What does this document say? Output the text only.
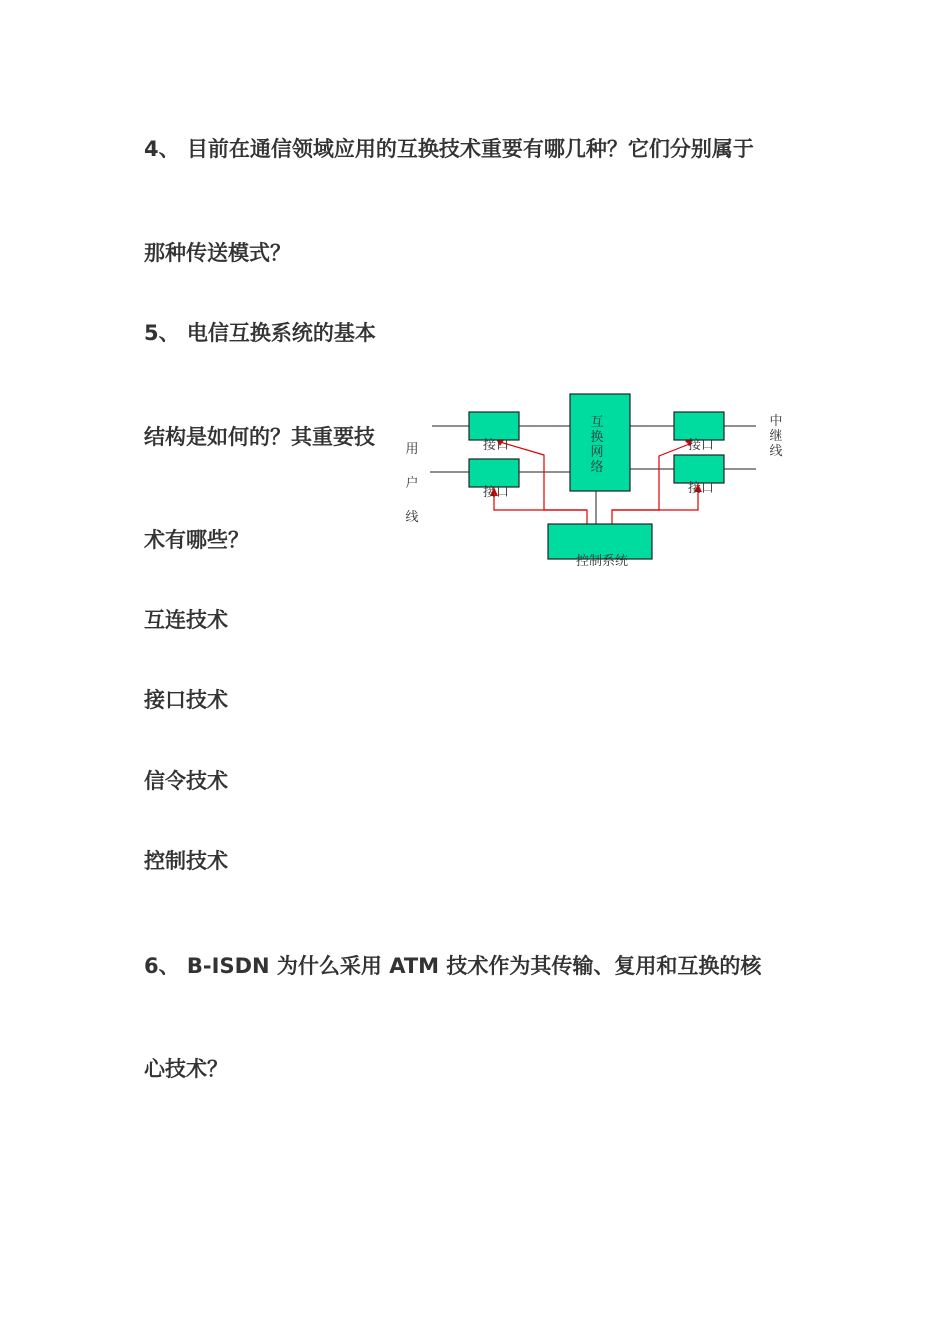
4、 目前在通信领域应用的互换技术重要有哪几种？它们分别属于
那种传送模式？
5、 电信互换系统的基本
结构是如何的？其重要技
术有哪些？
互连技术
接口技术
信令技术
控制技术
6、 B-ISDN 为什么采用 ATM 技术作为其传输、复用和互换的核
心技术？
接口
接口
接口
接口
互
换
网
络
控制系统
用
户
线
中
继
线
